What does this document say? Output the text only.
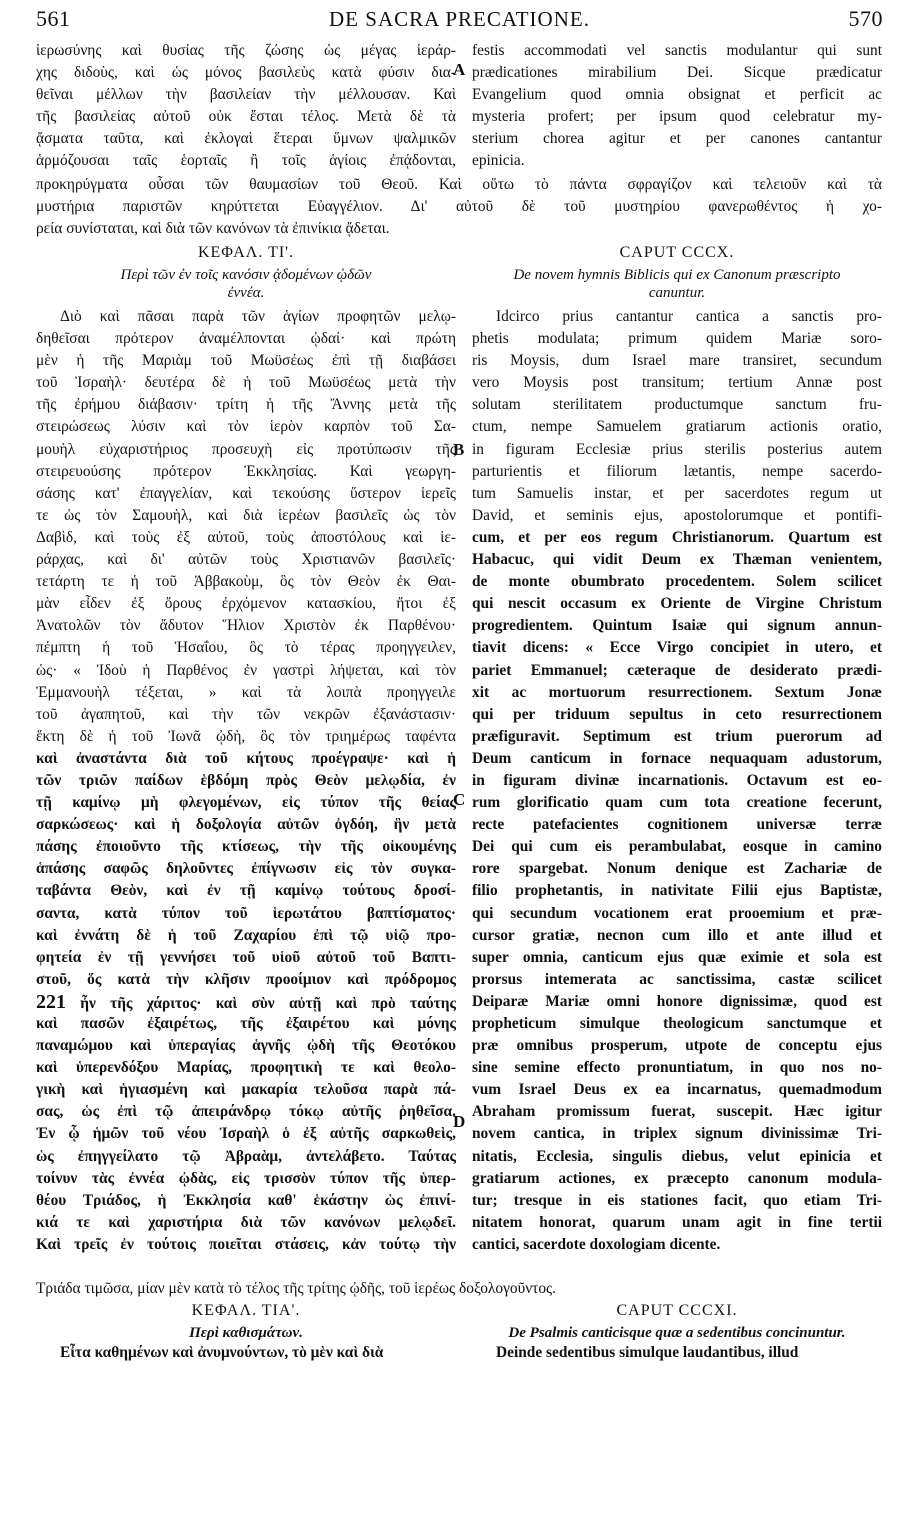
561	DE SACRA PRECATIONE.	570
ἱερωσύνης καὶ θυσίας τῆς ζώσης ὡς μέγας ἱεράρ-
χης διδοὺς, καὶ ὡς μόνος βασιλεὺς κατὰ φύσιν δια-
θεῖναι μέλλων τὴν βασιλείαν τὴν μέλλουσαν. Καὶ
τῆς βασιλείας αὐτοῦ οὐκ ἔσται τέλος. Μετὰ δὲ τὰ
ᾄσματα ταῦτα, καὶ ἐκλογαὶ ἕτεραι ὕμνων ψαλμικῶν
ἁρμόζουσαι ταῖς ἑορταῖς ἢ τοῖς ἁγίοις ἐπᾴδονται,
festis accommodati vel sanctis modulantur qui sunt
prædicationes mirabilium Dei. Sicque prædicatur
Evangelium quod omnia obsignat et perficit ac
mysteria profert; per ipsum quod celebratur my-
sterium chorea agitur et per canones cantantur
epinicia.
A
προκηρύγματα οὖσαι τῶν θαυμασίων τοῦ Θεοῦ. Καὶ οὕτω τὸ πάντα σφραγίζον καὶ τελειοῦν καὶ τὰ
μυστήρια παριστῶν κηρύττεται Εὐαγγέλιον. Δι' αὐτοῦ δὲ τοῦ μυστηρίου φανερωθέντος ἡ χο-
ρεία συνίσταται, καὶ διὰ τῶν κανόνων τὰ ἐπινίκια ᾄδεται.
ΚΕΦΑΛ. ΤΙ'.
Περὶ τῶν ἐν τοῖς κανόσιν ᾀδομένων ᾠδῶν
ἐννέα.
CAPUT CCCX.
De novem hymnis Biblicis qui ex Canonum præscripto
canuntur.
Διὸ καὶ πᾶσαι παρὰ τῶν ἁγίων προφητῶν μελῳ-
δηθεῖσαι πρότερον ἀναμέλπονται ᾠδαί· καὶ πρώτη
μὲν ἡ τῆς Μαριὰμ τοῦ Μωϋσέως ἐπὶ τῇ διαβάσει
τοῦ Ἰσραὴλ· δευτέρα δὲ ἡ τοῦ Μωϋσέως μετὰ τὴν
τῆς ἐρήμου διάβασιν· τρίτη ἡ τῆς Ἄννης μετὰ τῆς
στειρώσεως λύσιν καὶ τὸν ἱερὸν καρπὸν τοῦ Σα-
μουὴλ εὐχαριστήριος προσευχὴ εἰς προτύπωσιν τῆς
στειρευούσης πρότερον Ἐκκλησίας. Καὶ γεωργη-
σάσης κατ' ἐπαγγελίαν, καὶ τεκούσης ὕστερον ἱερεῖς
τε ὡς τὸν Σαμουὴλ, καὶ διὰ ἱερέων βασιλεῖς ὡς τὸν
Δαβὶδ, καὶ τοὺς ἐξ αὐτοῦ, τοὺς ἀποστόλους καὶ ἱε-
ράρχας, καὶ δι' αὐτῶν τοὺς Χριστιανῶν βασιλεῖς·
τετάρτη τε ἡ τοῦ Ἀββακοὺμ, ὃς τὸν Θεὸν ἐκ Θαι-
μὰν εἶδεν ἐξ ὄρους ἐρχόμενον κατασκίου, ἤτοι ἐξ
Ἀνατολῶν τὸν ἄδυτον Ἥλιον Χριστὸν ἐκ Παρθένου·
πέμπτη ἡ τοῦ Ἡσαΐου, ὃς τὸ τέρας προηγγειλεν,
ὡς· « Ἰδοὺ ἡ Παρθένος ἐν γαστρὶ λήψεται, καὶ τὸν
Ἐμμανουὴλ τέξεται, » καὶ τὰ λοιπὰ προηγγειλε
τοῦ ἀγαπητοῦ, καὶ τὴν τῶν νεκρῶν ἐξανάστασιν·
ἕκτη δὲ ἡ τοῦ Ἰωνᾶ ᾠδὴ, ὃς τὸν τριημέρως ταφέντα
καὶ ἀναστάντα διὰ τοῦ κήτους προέγραψε· καὶ ἡ
τῶν τριῶν παίδων ἑβδόμη πρὸς Θεὸν μελῳδία, ἐν
τῇ καμίνῳ μὴ φλεγομένων, εἰς τύπον τῆς θείας
σαρκώσεως· καὶ ἡ δοξολογία αὐτῶν ὀγδόη, ἣν μετὰ
πάσης ἐποιοῦντο τῆς κτίσεως, τὴν τῆς οἰκουμένης
ἁπάσης σαφῶς δηλοῦντες ἐπίγνωσιν εἰς τὸν συγκα-
ταβάντα Θεὸν, καὶ ἐν τῇ καμίνῳ τούτους δροσί-
σαντα, κατὰ τύπον τοῦ ἱερωτάτου βαπτίσματος·
καὶ ἐννάτη δὲ ἡ τοῦ Ζαχαρίου ἐπὶ τῷ υἱῷ προ-
φητεία ἐν τῇ γεννήσει τοῦ υἱοῦ αὐτοῦ τοῦ Βαπτι-
στοῦ, ὅς κατὰ τὴν κλῆσιν προοίμιον καὶ πρόδρομος
221 ἦν τῆς χάριτος· καὶ σὺν αὐτῇ καὶ πρὸ ταύτης
καὶ πασῶν ἐξαιρέτως, τῆς ἐξαιρέτου καὶ μόνης
παναμώμου καὶ ὑπεραγίας ἁγνῆς ᾠδὴ τῆς Θεοτόκου
καὶ ὑπερενδόξου Μαρίας, προφητικὴ τε καὶ θεολο-
γικὴ καὶ ἡγιασμένη καὶ μακαρία τελοῦσα παρὰ πά-
σας, ὡς ἐπὶ τῷ ἀπειράνδρῳ τόκῳ αὐτῆς ῥηθεῖσα.
Ἐν ᾧ ἡμῶν τοῦ νέου Ἰσραὴλ ὁ ἐξ αὐτῆς σαρκωθεὶς,
ὡς ἐπηγγείλατο τῷ Ἀβραὰμ, ἀντελάβετο. Ταύτας
τοίνυν τὰς ἐννέα ᾠδὰς, εἰς τρισσὸν τύπον τῆς ὑπερ-
θέου Τριάδος, ἡ Ἐκκλησία καθ' ἑκάστην ὡς ἐπινί-
κιά τε καὶ χαριστήρια διὰ τῶν κανόνων μελῳδεῖ.
Καὶ τρεῖς ἐν τούτοις ποιεῖται στάσεις, κἀν τούτῳ τὴν
Idcirco prius cantantur cantica a sanctis pro-
phetis modulata; primum quidem Mariæ soro-
ris Moysis, dum Israel mare transiret, secundum
vero Moysis post transitum; tertium Annæ post
solutam sterilitatem productumque sanctum fru-
ctum, nempe Samuelem gratiarum actionis oratio,
in figuram Ecclesiæ prius sterilis posterius autem
parturientis et filiorum lætantis, nempe sacerdo-
tum Samuelis instar, et per sacerdotes regum ut
David, et seminis ejus, apostolorumque et pontifi-
cum, et per eos regum Christianorum. Quartum est
Habacuc, qui vidit Deum ex Thæman venientem,
de monte obumbrato procedentem. Solem scilicet
qui nescit occasum ex Oriente de Virgine Christum
progredientem. Quintum Isaiæ qui signum annun-
tiavit dicens: « Ecce Virgo concipiet in utero, et
pariet Emmanuel; cæteraque de desiderato prædi-
xit ac mortuorum resurrectionem. Sextum Jonæ
qui per triduum sepultus in ceto resurrectionem
præfiguravit. Septimum est trium puerorum ad
Deum canticum in fornace nequaquam adustorum,
in figuram divinæ incarnationis. Octavum est eo-
rum glorificatio quam cum tota creatione fecerunt,
recte patefacientes cognitionem universæ terræ
Dei qui cum eis perambulabat, eosque in camino
rore spargebat. Nonum denique est Zachariæ de
filio prophetantis, in nativitate Filii ejus Baptistæ,
qui secundum vocationem erat prooemium et præ-
cursor gratiæ, necnon cum illo et ante illud et
super omnia, canticum ejus quæ eximie et sola est
prorsus intemerata ac sanctissima, castæ scilicet
Deiparæ Mariæ omni honore dignissimæ, quod est
propheticum simulque theologicum sanctumque et
præ omnibus prosperum, utpote de conceptu ejus
sine semine effecto pronuntiatum, in quo nos no-
vum Israel Deus ex ea incarnatus, quemadmodum
Abraham promissum fuerat, suscepit. Hæc igitur
novem cantica, in triplex signum divinissimæ Tri-
nitatis, Ecclesia, singulis diebus, velut epinicia et
gratiarum actiones, ex præcepto canonum modula-
tur; tresque in eis stationes facit, quo etiam Tri-
nitatem honorat, quarum unam agit in fine tertii
cantici, sacerdote doxologiam dicente.
B
C
D
Τριάδα τιμῶσα, μίαν μὲν κατὰ τὸ τέλος τῆς τρίτης ᾠδῆς, τοῦ ἱερέως δοξολογοῦντος.
ΚΕΦΑΛ. ΤΙΑ'.
Περὶ καθισμάτων.
Εἶτα καθημένων καὶ ἀνυμνούντων, τὸ μὲν καὶ διὰ
CAPUT CCCXI.
De Psalmis canticisque quæ a sedentibus concinuntur.
Deinde sedentibus simulque laudantibus, illud
